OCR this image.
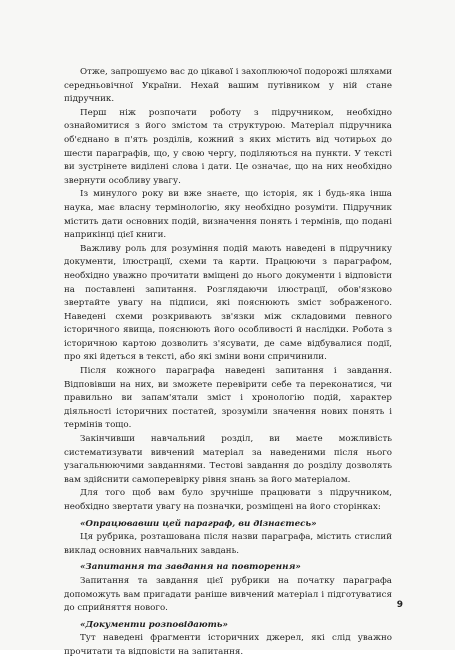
Отже, запрошуємо вас до цікавої і захоплюючої подорожі шляхами середньовічної України. Нехай вашим путівником у ній стане підручник.

Перш ніж розпочати роботу з підручником, необхідно ознайомитися з його змістом та структурою. Матеріал підручника об'єднано в п'ять розділів, кожний з яких містить від чотирьох до шести параграфів, що, у свою чергу, поділяються на пункти. У тексті ви зустрінете виділені слова і дати. Це означає, що на них необхідно звернути особливу увагу.

Із минулого року ви вже знаєте, що історія, як і будь-яка інша наука, має власну термінологію, яку необхідно розуміти. Підручник містить дати основних подій, визначення понять і термінів, що подані наприкінці цієї книги.

Важливу роль для розуміння подій мають наведені в підручнику документи, ілюстрації, схеми та карти. Працюючи з параграфом, необхідно уважно прочитати вміщені до нього документи і відповісти на поставлені запитання. Розглядаючи ілюстрації, обов'язково звертайте увагу на підписи, які пояснюють зміст зображеного. Наведені схеми розкривають зв'язки між складовими певного історичного явища, пояснюють його особливості й наслідки. Робота з історичною картою дозволить з'ясувати, де саме відбувалися події, про які йдеться в тексті, або які зміни вони спричинили.

Після кожного параграфа наведені запитання і завдання. Відповівши на них, ви зможете перевірити себе та переконатися, чи правильно ви запам'ятали зміст і хронологію подій, характер діяльності історичних постатей, зрозуміли значення нових понять і термінів тощо.

Закінчивши навчальний розділ, ви маєте можливість систематизувати вивчений матеріал за наведеними після нього узагальнюючими завданнями. Тестові завдання до розділу дозволять вам здійснити самоперевірку рівня знань за його матеріалом.

Для того щоб вам було зручніше працювати з підручником, необхідно звертати увагу на позначки, розміщені на його сторінках:

«Опрацювавши цей параграф, ви дізнаєтесь»

Ця рубрика, розташована після назви параграфа, містить стислий виклад основних навчальних завдань.

«Запитання та завдання на повторення»

Запитання та завдання цієї рубрики на початку параграфа допоможуть вам пригадати раніше вивчений матеріал і підготуватися до сприйняття нового.

«Документи розповідають»

Тут наведені фрагменти історичних джерел, які слід уважно прочитати та відповісти на запитання.

9
